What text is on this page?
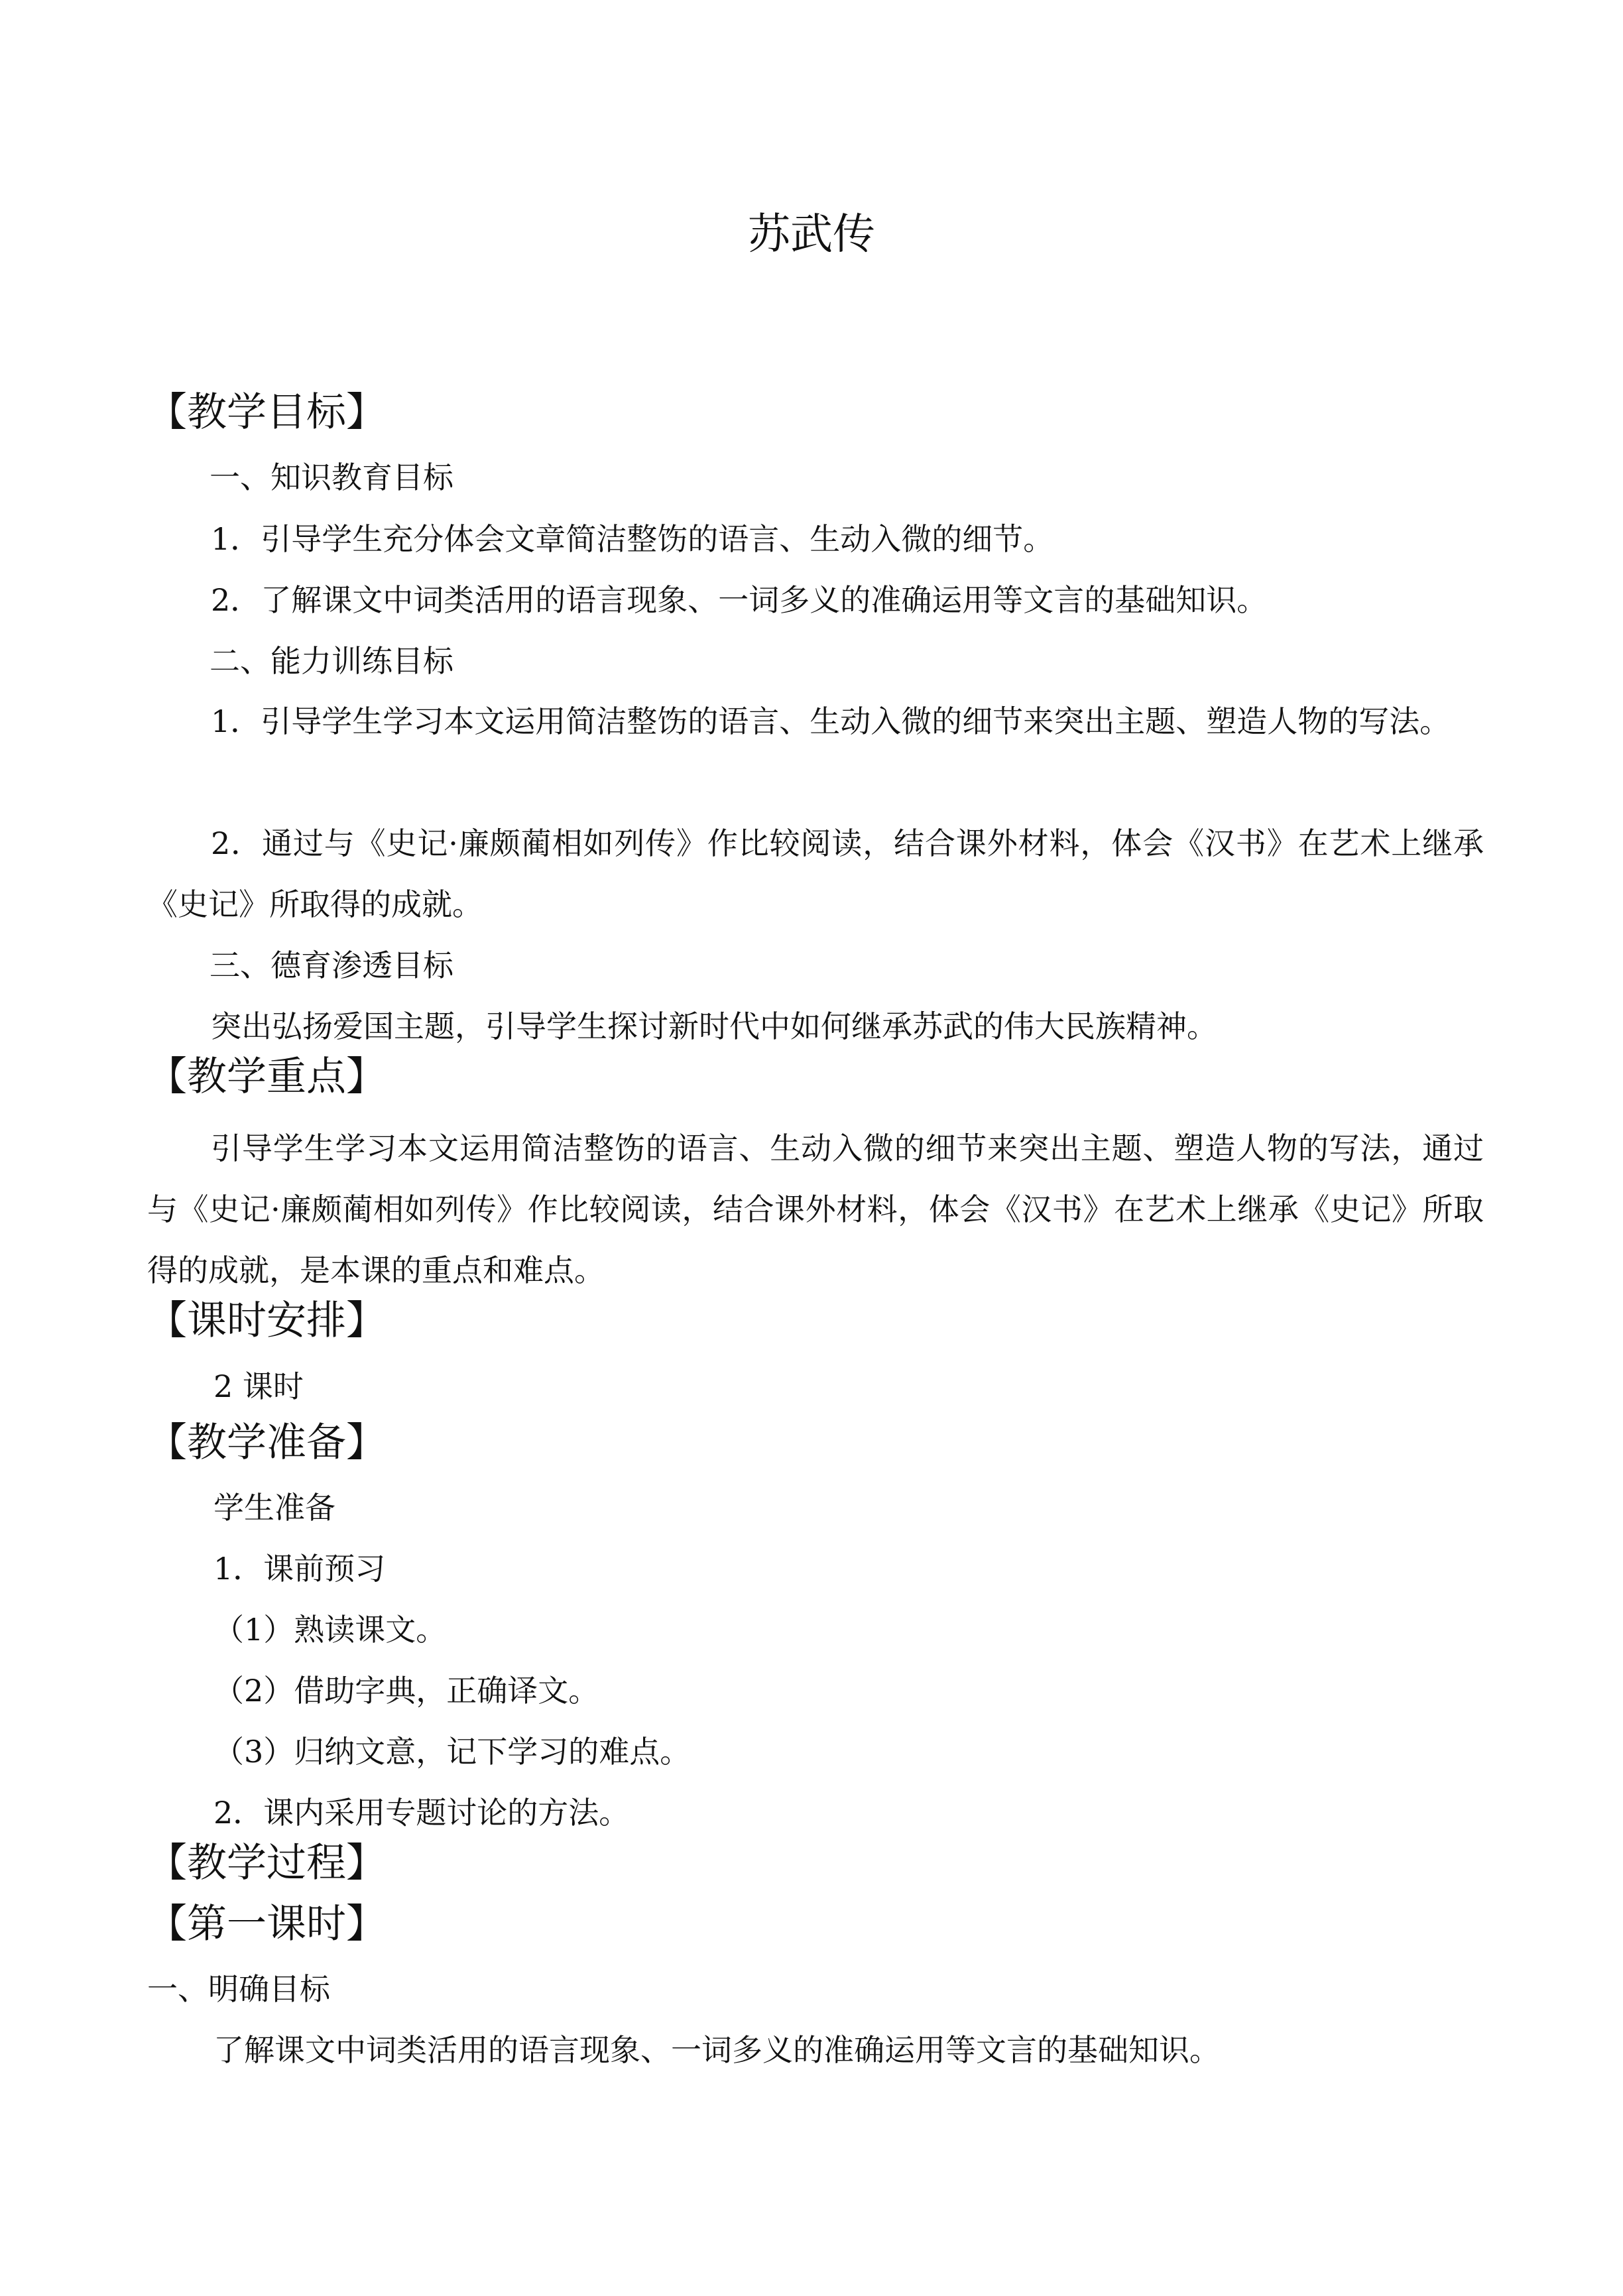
苏武传
【教学目标】
一、知识教育目标
1．引导学生充分体会文章简洁整饬的语言、生动入微的细节。
2．了解课文中词类活用的语言现象、一词多义的准确运用等文言的基础知识。
二、能力训练目标
1．引导学生学习本文运用简洁整饬的语言、生动入微的细节来突出主题、塑造人物的写法。
2．通过与《史记·廉颇蔺相如列传》作比较阅读，结合课外材料，体会《汉书》在艺术上继承《史记》所取得的成就。
三、德育渗透目标
突出弘扬爱国主题，引导学生探讨新时代中如何继承苏武的伟大民族精神。
【教学重点】
引导学生学习本文运用简洁整饬的语言、生动入微的细节来突出主题、塑造人物的写法，通过与《史记·廉颇蔺相如列传》作比较阅读，结合课外材料，体会《汉书》在艺术上继承《史记》所取得的成就，是本课的重点和难点。
【课时安排】
2 课时
【教学准备】
学生准备
1．课前预习
（1）熟读课文。
（2）借助字典，正确译文。
（3）归纳文意，记下学习的难点。
2．课内采用专题讨论的方法。
【教学过程】
【第一课时】
一、明确目标
了解课文中词类活用的语言现象、一词多义的准确运用等文言的基础知识。
